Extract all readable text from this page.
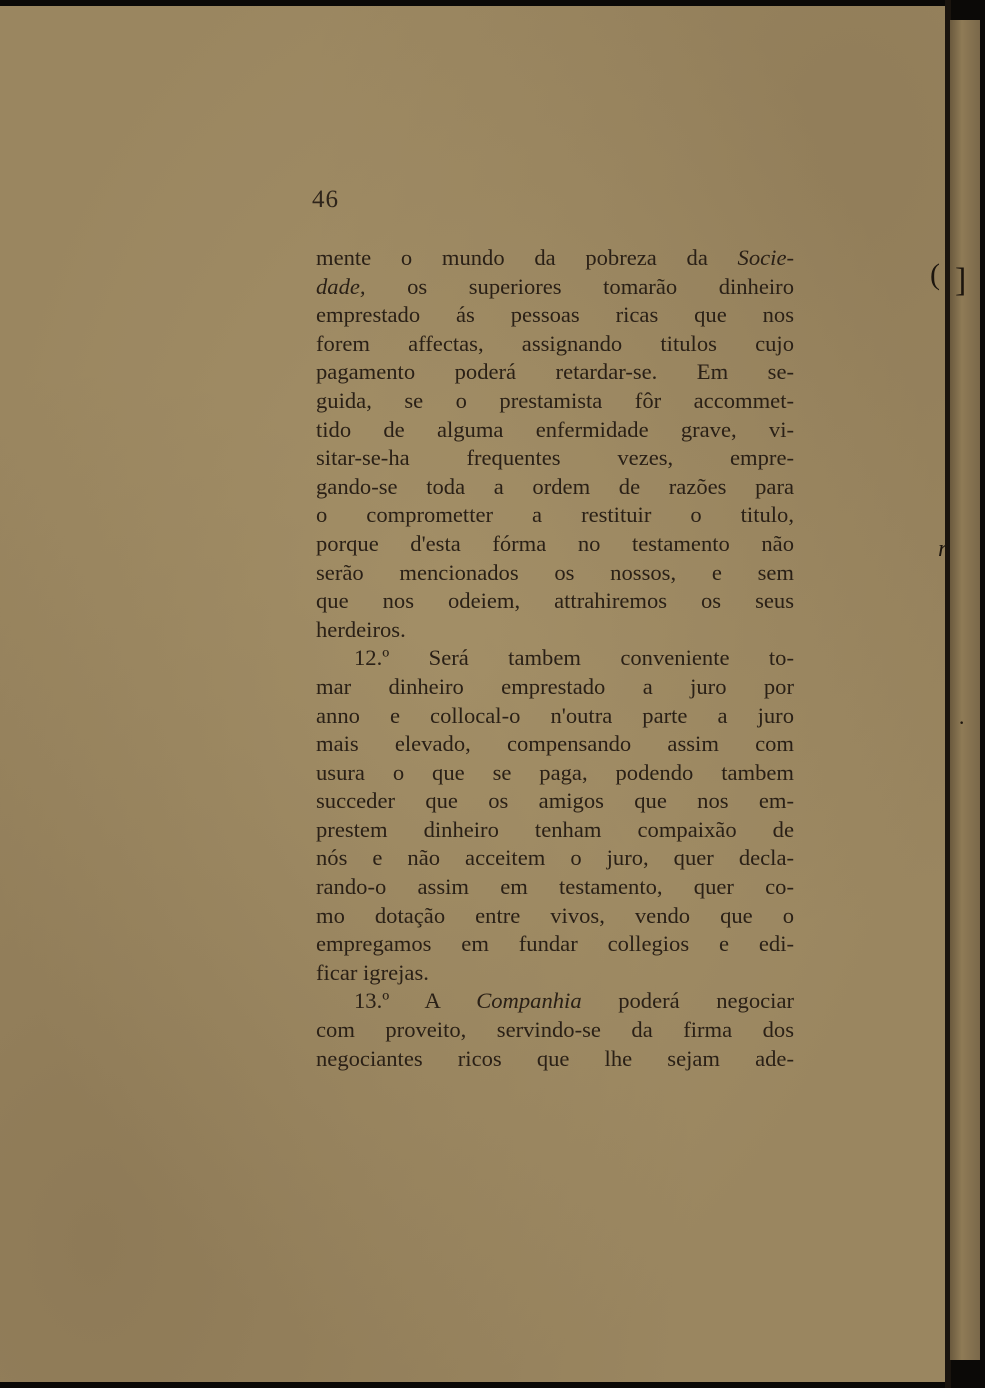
( ]
r
·
46
mente o mundo da pobreza da Socie-
dade, os superiores tomarão dinheiro
emprestado ás pessoas ricas que nos
forem affectas, assignando titulos cujo
pagamento poderá retardar-se. Em se-
guida, se o prestamista fôr accommet-
tido de alguma enfermidade grave, vi-
sitar-se-ha frequentes vezes, empre-
gando-se toda a ordem de razões para
o comprometter a restituir o titulo,
porque d'esta fórma no testamento não
serão mencionados os nossos, e sem
que nos odeiem, attrahiremos os seus
herdeiros.
12.º Será tambem conveniente to-
mar dinheiro emprestado a juro por
anno e collocal-o n'outra parte a juro
mais elevado, compensando assim com
usura o que se paga, podendo tambem
succeder que os amigos que nos em-
prestem dinheiro tenham compaixão de
nós e não acceitem o juro, quer decla-
rando-o assim em testamento, quer co-
mo dotação entre vivos, vendo que o
empregamos em fundar collegios e edi-
ficar igrejas.
13.º A Companhia poderá negociar
com proveito, servindo-se da firma dos
negociantes ricos que lhe sejam ade-
